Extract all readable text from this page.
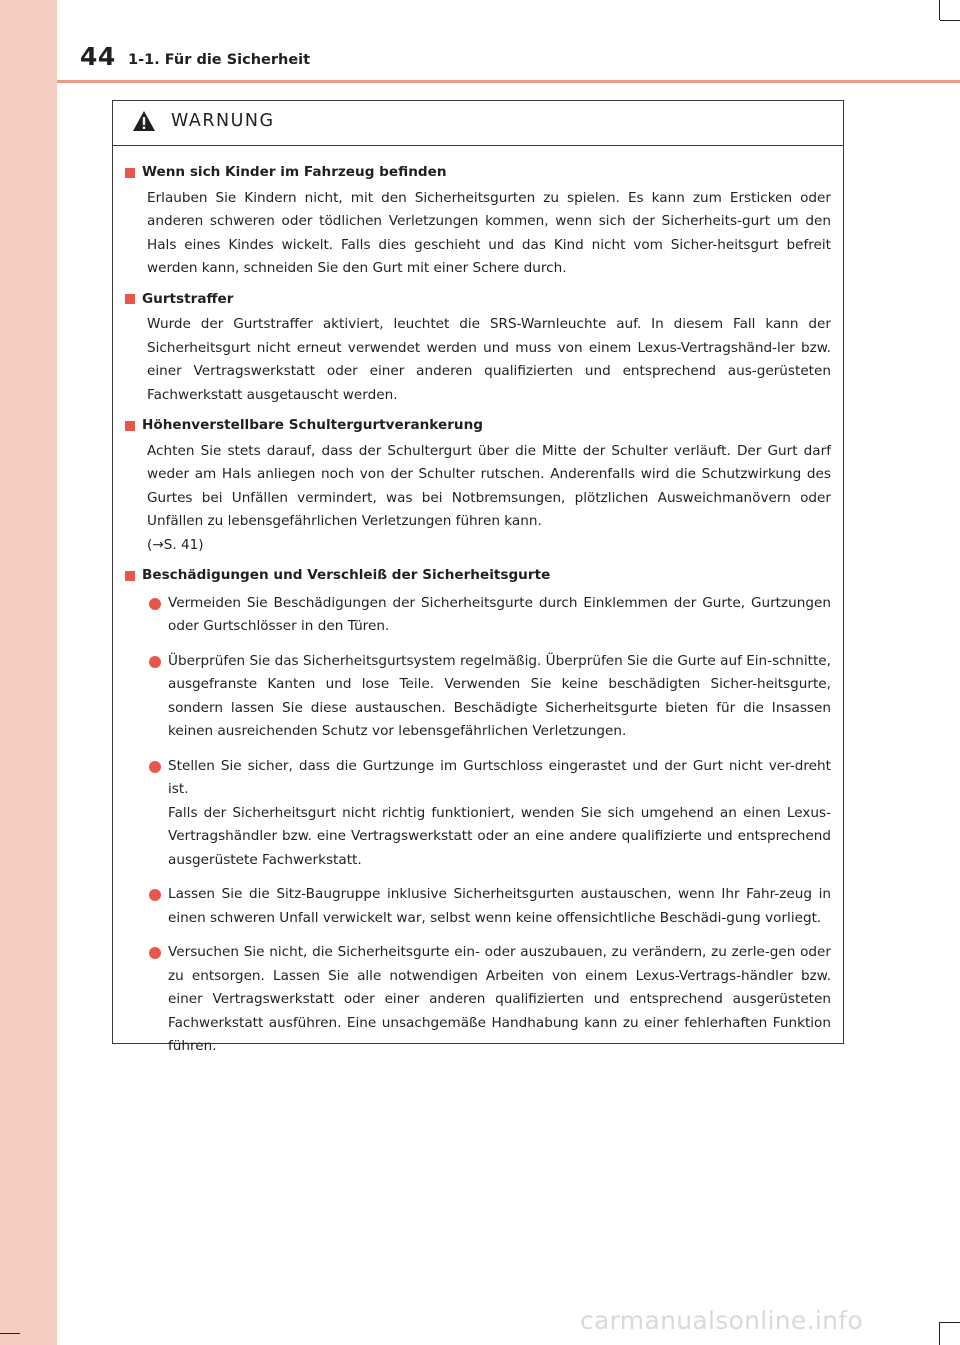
44 1-1. Für die Sicherheit
WARNUNG
Wenn sich Kinder im Fahrzeug befinden
Erlauben Sie Kindern nicht, mit den Sicherheitsgurten zu spielen. Es kann zum Ersticken oder anderen schweren oder tödlichen Verletzungen kommen, wenn sich der Sicherheits-gurt um den Hals eines Kindes wickelt. Falls dies geschieht und das Kind nicht vom Sicher-heitsgurt befreit werden kann, schneiden Sie den Gurt mit einer Schere durch.
Gurtstraffer
Wurde der Gurtstraffer aktiviert, leuchtet die SRS-Warnleuchte auf. In diesem Fall kann der Sicherheitsgurt nicht erneut verwendet werden und muss von einem Lexus-Vertragshänd-ler bzw. einer Vertragswerkstatt oder einer anderen qualifizierten und entsprechend aus-gerüsteten Fachwerkstatt ausgetauscht werden.
Höhenverstellbare Schultergurtverankerung
Achten Sie stets darauf, dass der Schultergurt über die Mitte der Schulter verläuft. Der Gurt darf weder am Hals anliegen noch von der Schulter rutschen. Anderenfalls wird die Schutzwirkung des Gurtes bei Unfällen vermindert, was bei Notbremsungen, plötzlichen Ausweichmanövern oder Unfällen zu lebensgefährlichen Verletzungen führen kann.
(→S. 41)
Beschädigungen und Verschleiß der Sicherheitsgurte
Vermeiden Sie Beschädigungen der Sicherheitsgurte durch Einklemmen der Gurte, Gurtzungen oder Gurtschlösser in den Türen.
Überprüfen Sie das Sicherheitsgurtsystem regelmäßig. Überprüfen Sie die Gurte auf Ein-schnitte, ausgefranste Kanten und lose Teile. Verwenden Sie keine beschädigten Sicher-heitsgurte, sondern lassen Sie diese austauschen. Beschädigte Sicherheitsgurte bieten für die Insassen keinen ausreichenden Schutz vor lebensgefährlichen Verletzungen.
Stellen Sie sicher, dass die Gurtzunge im Gurtschloss eingerastet und der Gurt nicht ver-dreht ist.
Falls der Sicherheitsgurt nicht richtig funktioniert, wenden Sie sich umgehend an einen Lexus-Vertragshändler bzw. eine Vertragswerkstatt oder an eine andere qualifizierte und entsprechend ausgerüstete Fachwerkstatt.
Lassen Sie die Sitz-Baugruppe inklusive Sicherheitsgurten austauschen, wenn Ihr Fahr-zeug in einen schweren Unfall verwickelt war, selbst wenn keine offensichtliche Beschädi-gung vorliegt.
Versuchen Sie nicht, die Sicherheitsgurte ein- oder auszubauen, zu verändern, zu zerle-gen oder zu entsorgen. Lassen Sie alle notwendigen Arbeiten von einem Lexus-Vertrags-händler bzw. einer Vertragswerkstatt oder einer anderen qualifizierten und entsprechend ausgerüsteten Fachwerkstatt ausführen. Eine unsachgemäße Handhabung kann zu einer fehlerhaften Funktion führen.
carmanualsonline.info
